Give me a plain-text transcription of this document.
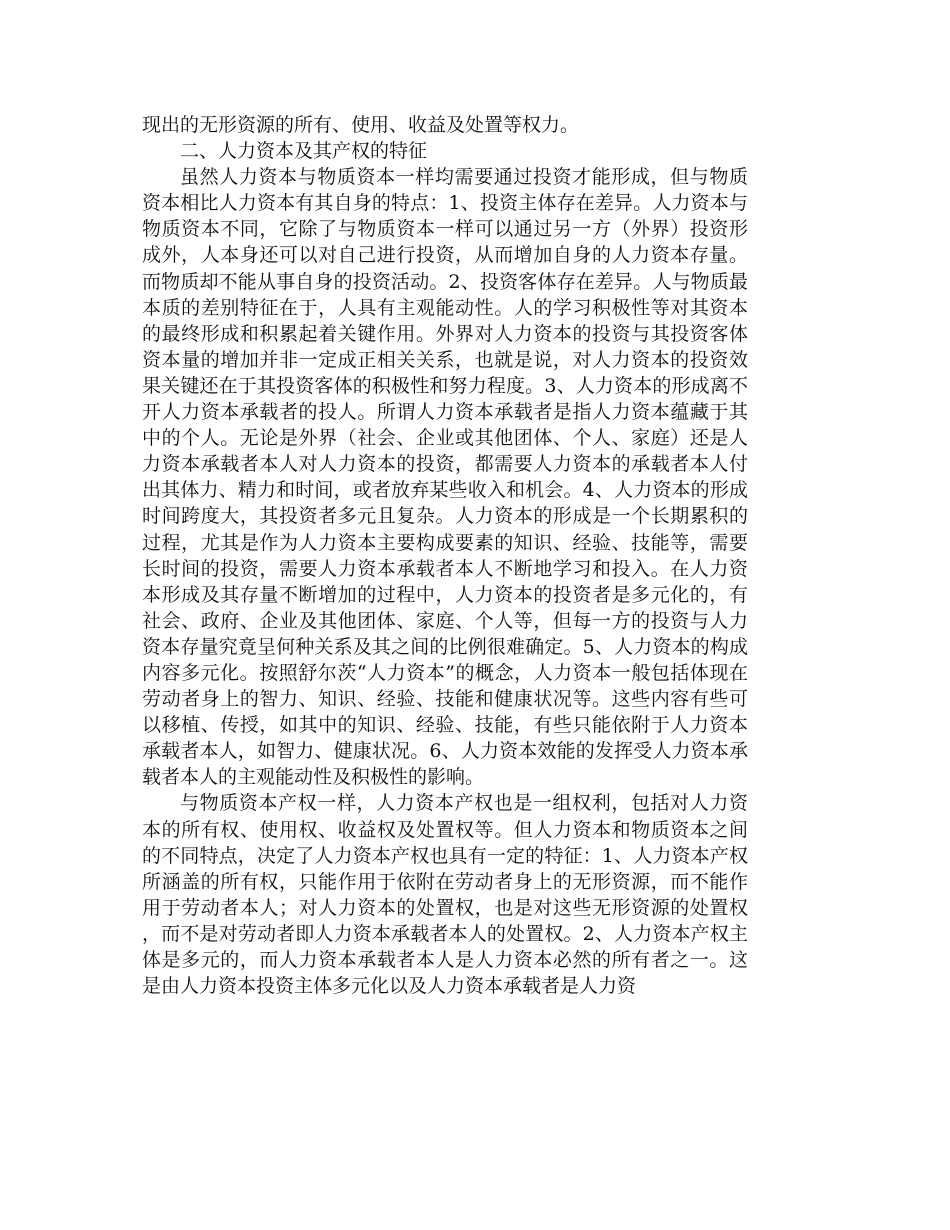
现出的无形资源的所有、使用、收益及处置等权力。

二、人力资本及其产权的特征

虽然人力资本与物质资本一样均需要通过投资才能形成，但与物质资本相比人力资本有其自身的特点：1、投资主体存在差异。人力资本与物质资本不同，它除了与物质资本一样可以通过另一方（外界）投资形成外，人本身还可以对自己进行投资，从而增加自身的人力资本存量。而物质却不能从事自身的投资活动。2、投资客体存在差异。人与物质最本质的差别特征在于，人具有主观能动性。人的学习积极性等对其资本的最终形成和积累起着关键作用。外界对人力资本的投资与其投资客体资本量的增加并非一定成正相关关系，也就是说，对人力资本的投资效果关键还在于其投资客体的积极性和努力程度。3、人力资本的形成离不开人力资本承载者的投人。所谓人力资本承载者是指人力资本蕴藏于其中的个人。无论是外界（社会、企业或其他团体、个人、家庭）还是人力资本承载者本人对人力资本的投资，都需要人力资本的承载者本人付出其体力、精力和时间，或者放弃某些收入和机会。4、人力资本的形成时间跨度大，其投资者多元且复杂。人力资本的形成是一个长期累积的过程，尤其是作为人力资本主要构成要素的知识、经验、技能等，需要长时间的投资，需要人力资本承载者本人不断地学习和投入。在人力资本形成及其存量不断增加的过程中，人力资本的投资者是多元化的，有社会、政府、企业及其他团体、家庭、个人等，但每一方的投资与人力资本存量究竟呈何种关系及其之间的比例很难确定。5、人力资本的构成内容多元化。按照舒尔茨“人力资本”的概念，人力资本一般包括体现在劳动者身上的智力、知识、经验、技能和健康状况等。这些内容有些可以移植、传授，如其中的知识、经验、技能，有些只能依附于人力资本承载者本人，如智力、健康状况。6、人力资本效能的发挥受人力资本承载者本人的主观能动性及积极性的影响。

与物质资本产权一样，人力资本产权也是一组权利，包括对人力资本的所有权、使用权、收益权及处置权等。但人力资本和物质资本之间的不同特点，决定了人力资本产权也具有一定的特征：1、人力资本产权所涵盖的所有权，只能作用于依附在劳动者身上的无形资源，而不能作用于劳动者本人；对人力资本的处置权，也是对这些无形资源的处置权，而不是对劳动者即人力资本承载者本人的处置权。2、人力资本产权主体是多元的，而人力资本承载者本人是人力资本必然的所有者之一。这是由人力资本投资主体多元化以及人力资本承载者是人力资
